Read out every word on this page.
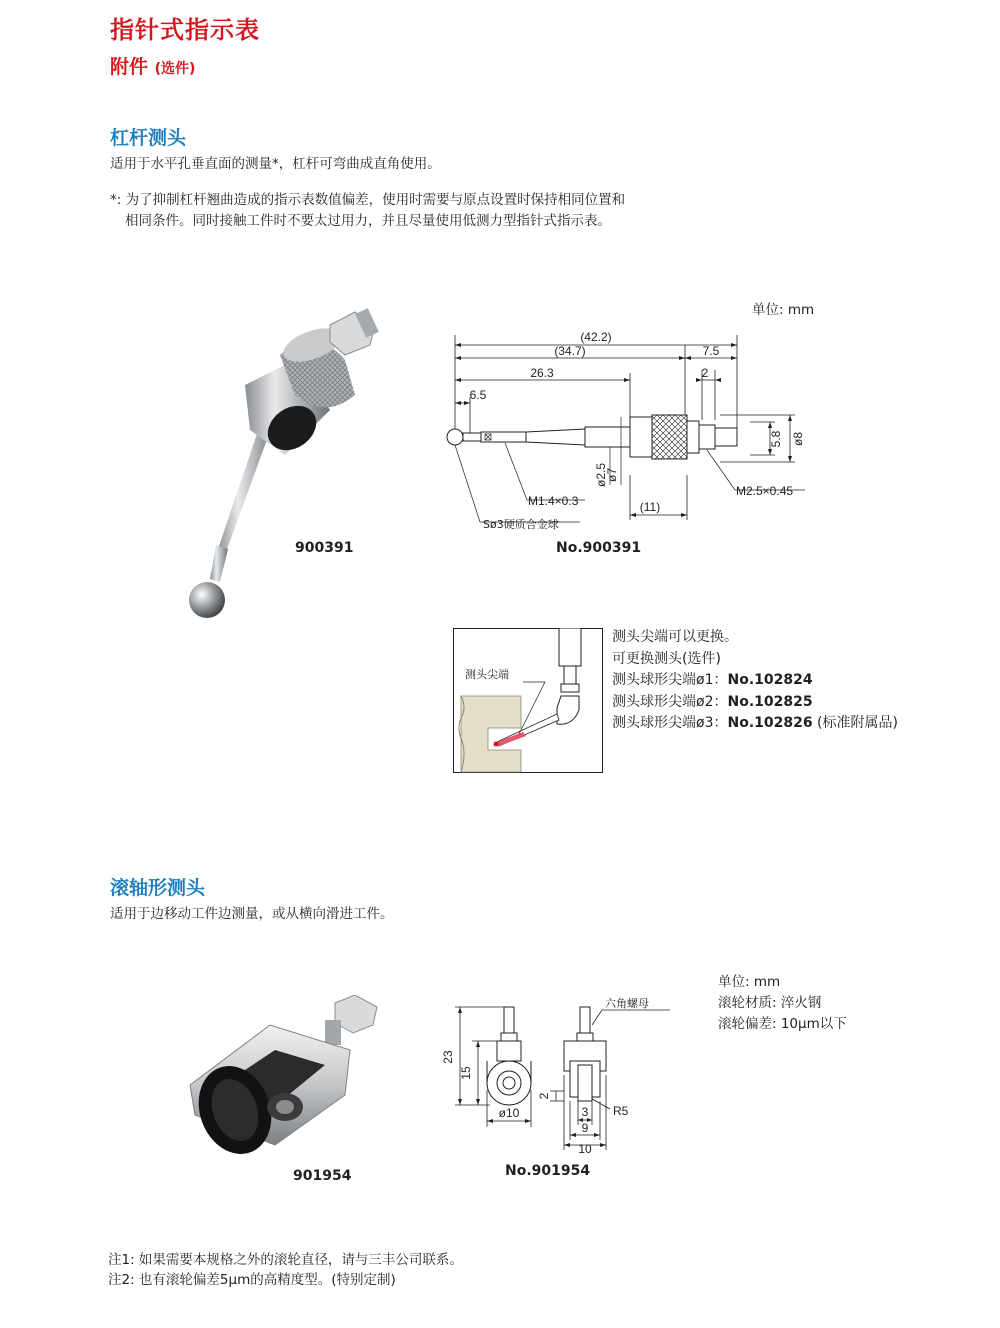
指针式指示表
附件 (选件)
杠杆测头
适用于水平孔垂直面的测量*，杠杆可弯曲成直角使用。
*: 为了抑制杠杆翘曲造成的指示表数值偏差，使用时需要与原点设置时保持相同位置和
相同条件。同时接触工件时不要太过用力，并且尽量使用低测力型指针式指示表。
单位: mm
900391
(42.2)
(34.7)	7.5
26.3	2
6.5
5.8 ø8
ø2.5
ø7
M1.4×0.3
M2.5×0.45
(11)
Sø3硬质合金球
No.900391
测头尖端
测头尖端可以更换。
可更换测头(选件)
测头球形尖端ø1：No.102824
测头球形尖端ø2：No.102825
测头球形尖端ø3：No.102826 (标准附属品)
滚轴形测头
适用于边移动工件边测量，或从横向滑进工件。
单位: mm
滚轮材质: 淬火钢
滚轮偏差: 10μm以下
901954
23
15
ø10
2
3
9
10
R5
六角螺母
No.901954
注1: 如果需要本规格之外的滚轮直径，请与三丰公司联系。
注2: 也有滚轮偏差5μm的高精度型。(特别定制)
